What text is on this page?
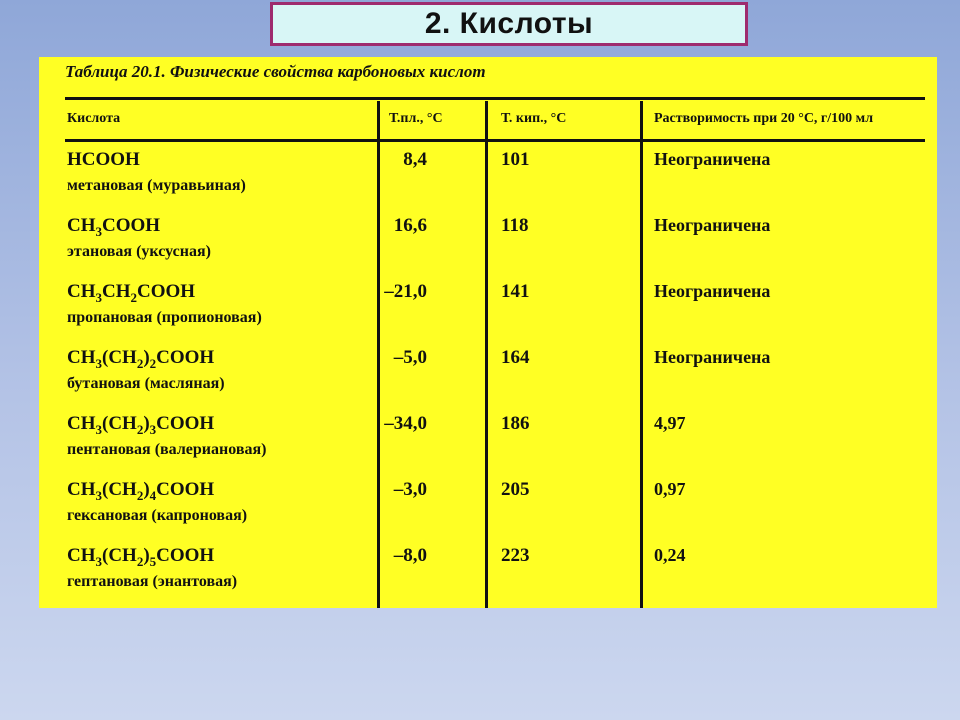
2. Кислоты
Таблица 20.1. Физические свойства карбоновых кислот
Кислота	Т.пл., °С	Т. кип., °С	Растворимость при 20 °С, г/100 мл
HCOOH
метановая (муравьиная)
8,4	101	Неограниченa
$CH_3COOH$
этановая (уксусная)
16,6	118	Неограниченa
$CH_3CH_2COOH$
пропановая (пропионовая)
–21,0	141	Неограниченa
$CH_3(CH_2)_2COOH$
бутановая (масляная)
–5,0	164	Неограниченa
$CH_3(CH_2)_3COOH$
пентановая (валериановая)
–34,0	186	4,97
$CH_3(CH_2)_4COOH$
гексановая (капроновая)
–3,0	205	0,97
$CH_3(CH_2)_5COOH$
гептановая (энантовая)
–8,0	223	0,24
